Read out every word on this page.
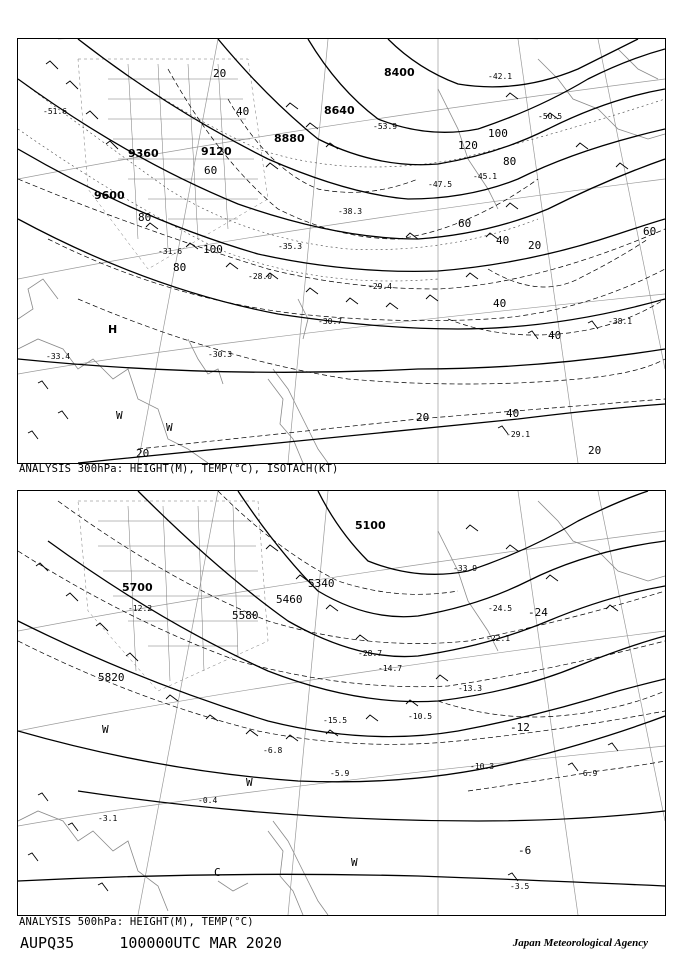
9600
9360	9120
8880
8640
8400
20
40
60
80
100
80
60
40 20
40
60
40
20
40
20
20
80
100
120
-30.7
-29.4
-28.0
-30.3
-31.6
-35.3
-38.3
-45.1
-47.5
-53.9
-38.1
-29.1
-33.4
-51.6
-50.5
-42.1
H
W
W
ANALYSIS 300hPa: HEIGHT(M), TEMP(°C), ISOTACH(KT)
5700
5580
5820
5460
5340
5100
-24
-12
-6
-10.3
-3.5
-6.9
-5.9
-15.5
-24.5
-22.1
-28.7
-33.9
-12.2
-3.1
-0.4
-6.8
-10.5
-13.3
-14.7
W
W
W
C
ANALYSIS 500hPa: HEIGHT(M), TEMP(°C)
AUPQ35     100000UTC MAR 2020	Japan Meteorological Agency
